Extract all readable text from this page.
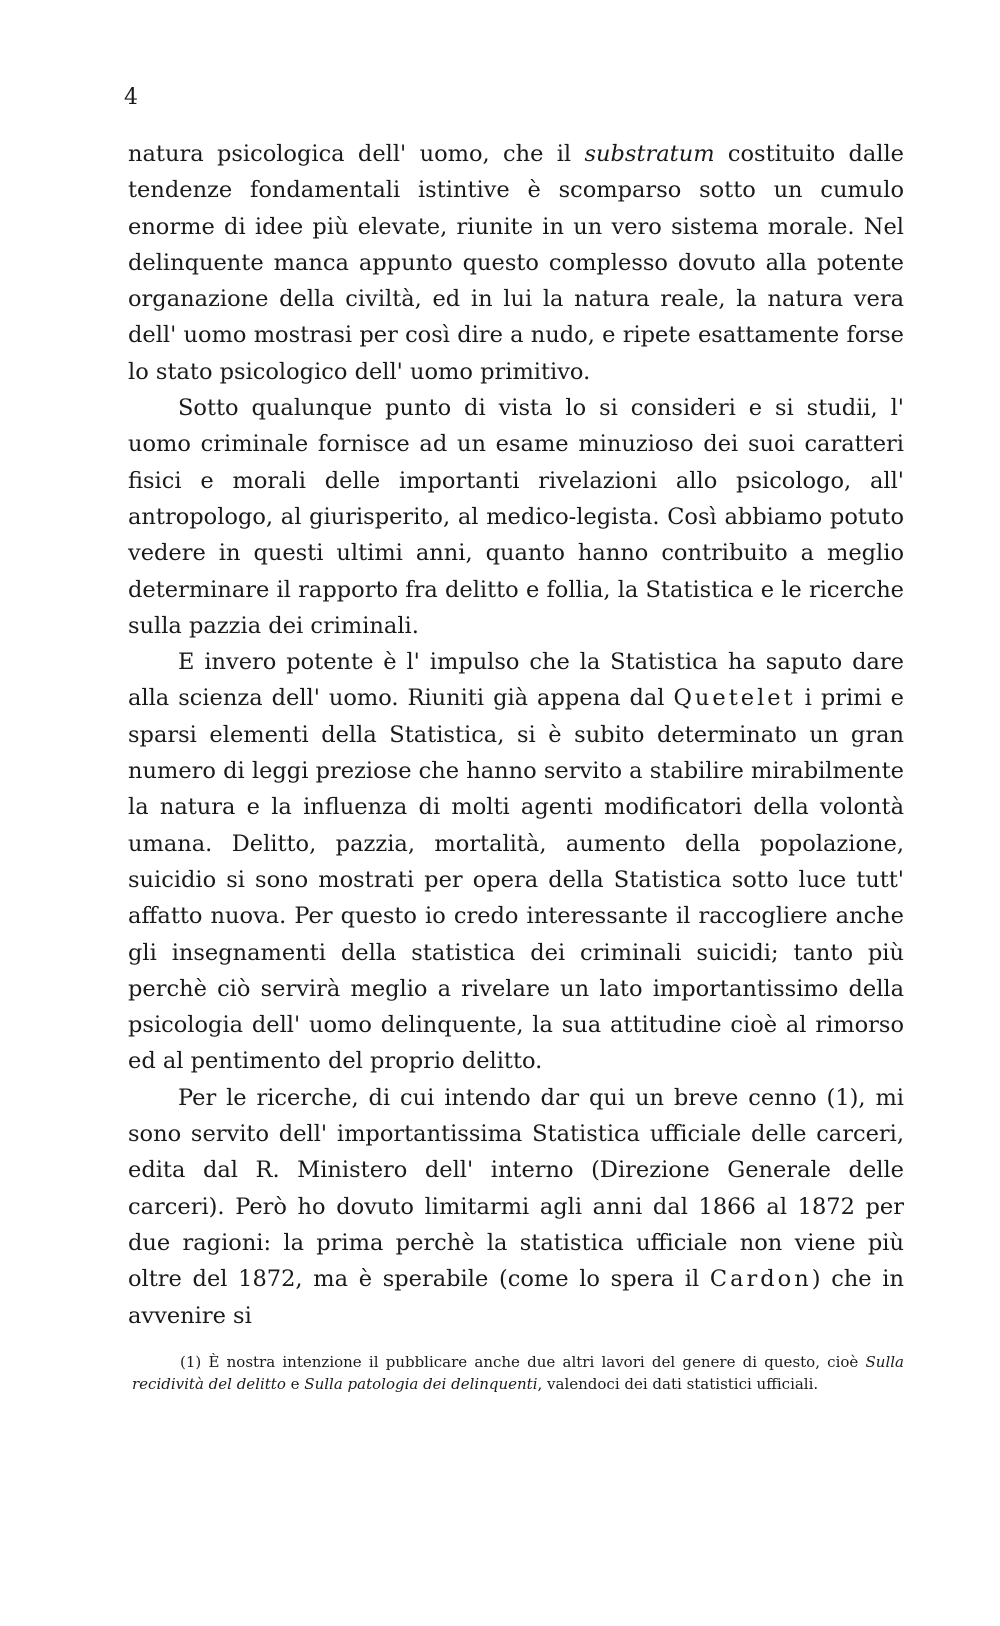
4

natura psicologica dell' uomo, che il substratum costituito dalle tendenze fondamentali istintive è scomparso sotto un cumulo enorme di idee più elevate, riunite in un vero sistema morale. Nel delinquente manca appunto questo complesso dovuto alla potente organazione della civiltà, ed in lui la natura reale, la natura vera dell' uomo mostrasi per così dire a nudo, e ripete esattamente forse lo stato psicologico dell' uomo primitivo.

Sotto qualunque punto di vista lo si consideri e si studii, l' uomo criminale fornisce ad un esame minuzioso dei suoi caratteri fisici e morali delle importanti rivelazioni allo psicologo, all' antropologo, al giurisperito, al medico-legista. Così abbiamo potuto vedere in questi ultimi anni, quanto hanno contribuito a meglio determinare il rapporto fra delitto e follia, la Statistica e le ricerche sulla pazzia dei criminali.

E invero potente è l' impulso che la Statistica ha saputo dare alla scienza dell' uomo. Riuniti già appena dal Quetelet i primi e sparsi elementi della Statistica, si è subito determinato un gran numero di leggi preziose che hanno servito a stabilire mirabilmente la natura e la influenza di molti agenti modificatori della volontà umana. Delitto, pazzia, mortalità, aumento della popolazione, suicidio si sono mostrati per opera della Statistica sotto luce tutt' affatto nuova. Per questo io credo interessante il raccogliere anche gli insegnamenti della statistica dei criminali suicidi; tanto più perchè ciò servirà meglio a rivelare un lato importantissimo della psicologia dell' uomo delinquente, la sua attitudine cioè al rimorso ed al pentimento del proprio delitto.

Per le ricerche, di cui intendo dar qui un breve cenno (1), mi sono servito dell' importantissima Statistica ufficiale delle carceri, edita dal R. Ministero dell' interno (Direzione Generale delle carceri). Però ho dovuto limitarmi agli anni dal 1866 al 1872 per due ragioni: la prima perchè la statistica ufficiale non viene più oltre del 1872, ma è sperabile (come lo spera il Cardon) che in avvenire si

(1) È nostra intenzione il pubblicare anche due altri lavori del genere di questo, cioè Sulla recidività del delitto e Sulla patologia dei delinquenti, valendoci dei dati statistici ufficiali.
